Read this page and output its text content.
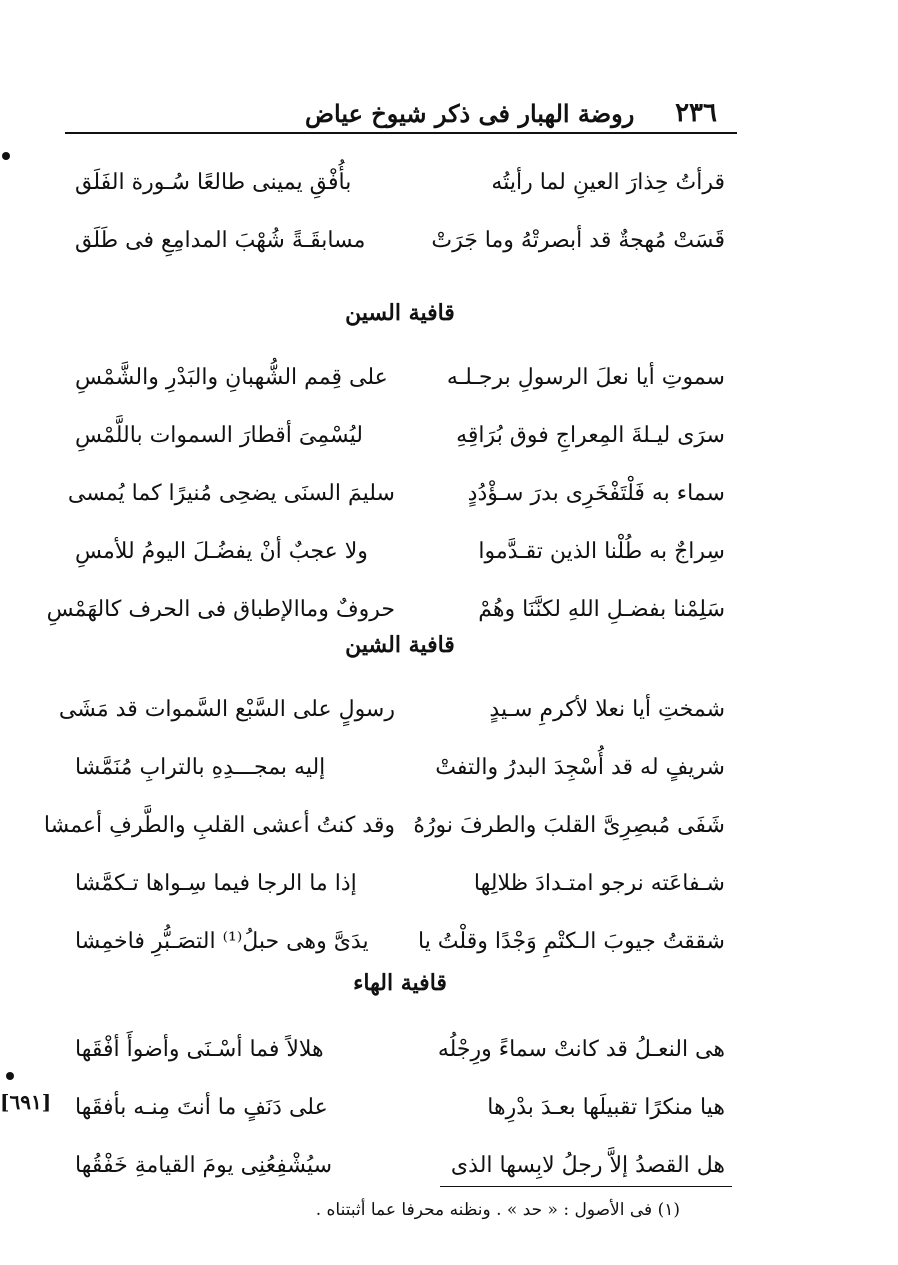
٢٣٦
روضة الهبار فى ذكر شيوخ عياض
قرأتُ حِذارَ العينِ لما رأيتُه
بأُفْقِ يمينى طالعًا سُـورة الفَلَق
قَسَتْ مُهجةٌ قد أبصرتْهُ وما جَرَتْ
مسابقَـةً شُهْبَ المدامِعِ فى طَلَق
قافية السين
سموتِ أيا نعلَ الرسولِ برجـلـه
على قِمم الشُّهبانِ والبَدْرِ والشَّمْسِ
سرَى ليـلةَ المِعراجِ فوق بُرَاقِهِ
ليُسْمِىَ أقطارَ السموات باللَّمْسِ
سماء به فَلْتَفْخَرِى بدرَ سـؤْدُدٍ
سليمَ السنَى يضحِى مُنيرًا كما يُمسى
سِراجٌ به طُلْنا الذين تقـدَّموا
ولا عجبٌ أنْ يفضُـلَ اليومُ للأمسِ
سَلِمْنا بفضـلِ اللهِ لكنَّنَا وهُمْ
حروفٌ وماالإطباق فى الحرف كالهَمْسِ
قافية الشين
شمختِ أيا نعلا لأكرمِ سـيدٍ
رسولٍ على السَّبْع السَّموات قد مَشَى
شريفٍ له قد أُسْجِدَ البدرُ والتفتْ
إليه بمجـــدِهِ بالترابِ مُنَمَّشا
شَفَى مُبصِرِىَّ القلبَ والطرفَ نورُهُ
وقد كنتُ أعشى القلبِ والطَّرفِ أعمشا
شـفاعَته نرجو امتـدادَ ظلالِها
إذا ما الرجا فيما سِـواها تـكمَّشا
شققتُ جيوبَ الـكتْمِ وَجْدًا وقلْتُ يا
يدَىَّ وهى حبلُ⁽¹⁾ التصَـبُّرِ فاخمِشا
قافية الهاء
هى النعـلُ قد كانتْ سماءً ورِجْلُه
هلالاً فما أسْـنَى وأضوأَ أفْقَها
هيا منكرًا تقبيلَها بعـدَ بدْرِها
على دَنَفٍ ما أنتَ مِنـه بأفقَها
هل القصدُ إلاَّ رجلُ لابِسها الذى
سيُشْفِعُنِى يومَ القيامةِ خَفْقُها
[٦٩١]
(١) فى الأصول : « حد » . ونظنه محرفا عما أثبتناه .
